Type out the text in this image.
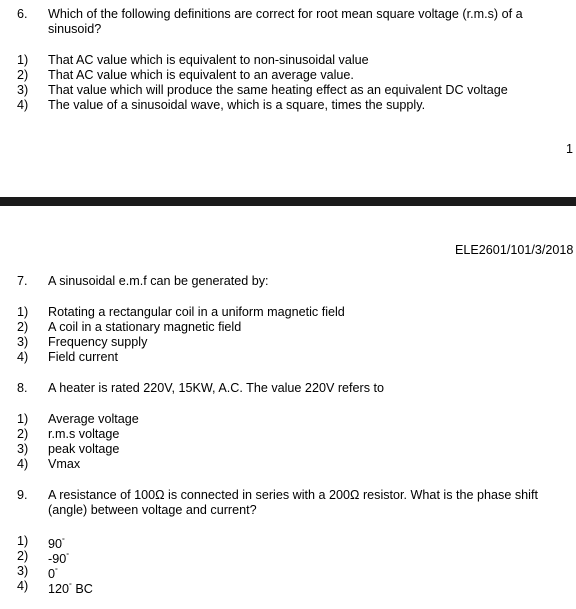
6.	Which of the following definitions are correct for root mean square voltage (r.m.s) of a
sinusoid?
1)	That AC value which is equivalent to non-sinusoidal value
2)	That AC value which is equivalent to an average value.
3)	That value which will produce the same heating effect as an equivalent DC voltage
4)	The value of a sinusoidal wave, which is a square, times the supply.
1
ELE2601/101/3/2018
7.	A sinusoidal e.m.f can be generated by:
1)	Rotating a rectangular coil in a uniform magnetic field
2)	A coil in a stationary magnetic field
3)	Frequency supply
4)	Field current
8.	A heater is rated 220V, 15KW, A.C. The value 220V refers to
1)	Average voltage
2)	r.m.s voltage
3)	peak voltage
4)	Vmax
9.	A resistance of 100Ω is connected in series with a 200Ω resistor. What is the phase shift
(angle) between voltage and current?
1)	90°
2)	-90°
3)	0°
4)	120° BC
